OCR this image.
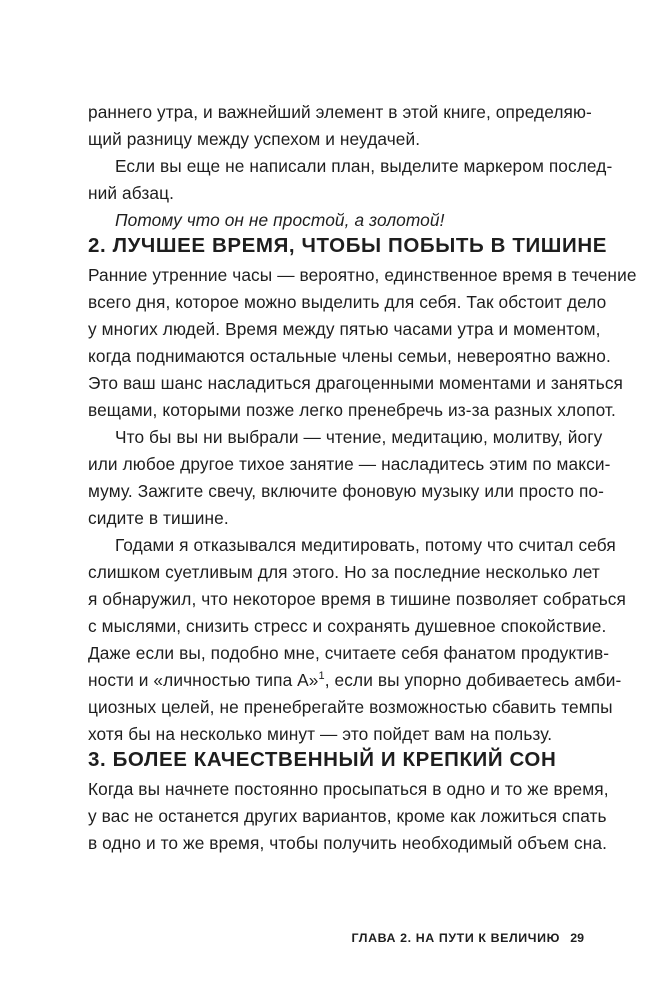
раннего утра, и важнейший элемент в этой книге, определяю-
щий разницу между успехом и неудачей.
Если вы еще не написали план, выделите маркером послед-
ний абзац.
Потому что он не простой, а золотой!
2. ЛУЧШЕЕ ВРЕМЯ, ЧТОБЫ ПОБЫТЬ В ТИШИНЕ
Ранние утренние часы — вероятно, единственное время в течение
всего дня, которое можно выделить для себя. Так обстоит дело
у многих людей. Время между пятью часами утра и моментом,
когда поднимаются остальные члены семьи, невероятно важно.
Это ваш шанс насладиться драгоценными моментами и заняться
вещами, которыми позже легко пренебречь из-за разных хлопот.
Что бы вы ни выбрали — чтение, медитацию, молитву, йогу
или любое другое тихое занятие — насладитесь этим по макси-
муму. Зажгите свечу, включите фоновую музыку или просто по-
сидите в тишине.
Годами я отказывался медитировать, потому что считал себя
слишком суетливым для этого. Но за последние несколько лет
я обнаружил, что некоторое время в тишине позволяет собраться
с мыслями, снизить стресс и сохранять душевное спокойствие.
Даже если вы, подобно мне, считаете себя фанатом продуктив-
ности и «личностью типа А»$^1$, если вы упорно добиваетесь амби-
циозных целей, не пренебрегайте возможностью сбавить темпы
хотя бы на несколько минут — это пойдет вам на пользу.
3. БОЛЕЕ КАЧЕСТВЕННЫЙ И КРЕПКИЙ СОН
Когда вы начнете постоянно просыпаться в одно и то же время,
у вас не останется других вариантов, кроме как ложиться спать
в одно и то же время, чтобы получить необходимый объем сна.
ГЛАВА 2. НА ПУТИ К ВЕЛИЧИЮ 29
